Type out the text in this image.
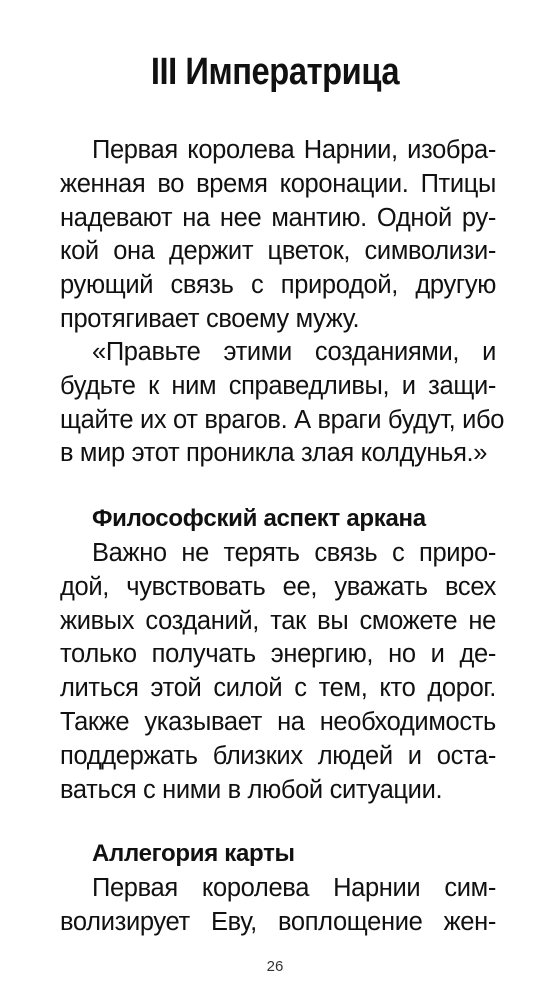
III Императрица
Первая королева Нарнии, изобра-
женная во время коронации. Птицы
надевают на нее мантию. Одной ру-
кой она держит цветок, символизи-
рующий связь с природой, другую
протягивает своему мужу.
«Правьте этими созданиями, и
будьте к ним справедливы, и защи-
щайте их от врагов. А враги будут, ибо
в мир этот проникла злая колдунья.»
Философский аспект аркана
Важно не терять связь с приро-
дой, чувствовать ее, уважать всех
живых созданий, так вы сможете не
только получать энергию, но и де-
литься этой силой с тем, кто дорог.
Также указывает на необходимость
поддержать близких людей и оста-
ваться с ними в любой ситуации.
Аллегория карты
Первая королева Нарнии сим-
волизирует Еву, воплощение жен-
26
